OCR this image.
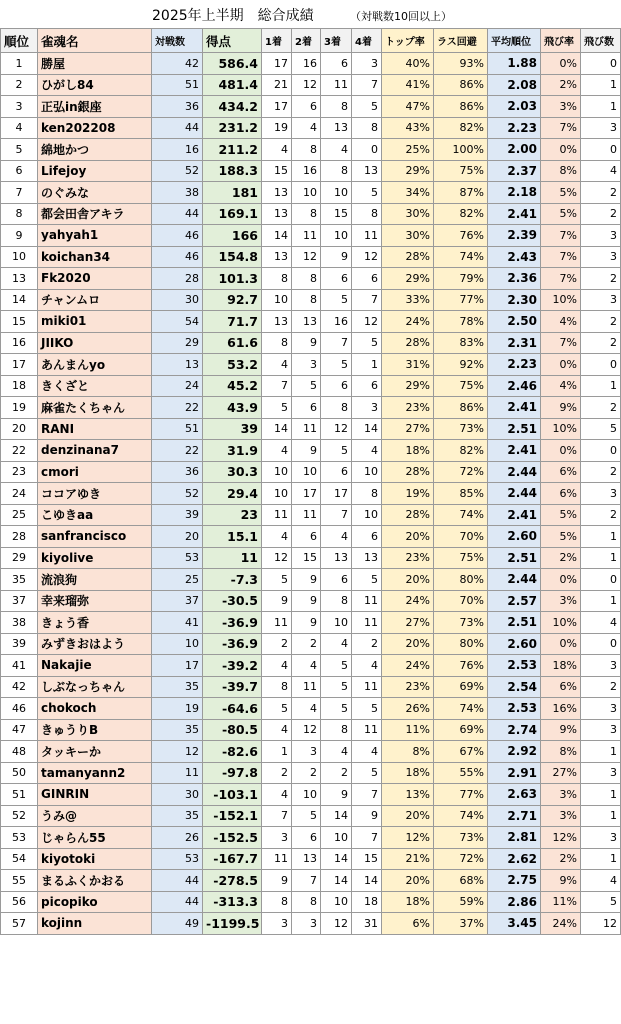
2025年上半期　総合成績	（対戦数10回以上）
順位	雀魂名	対戦数	得点	1着	2着	3着	4着	トップ率	ラス回避	平均順位	飛び率	飛び数
1	勝屋	42	586.4	17	16	6	3	40%	93%	1.88	0%	0
2	ひがし84	51	481.4	21	12	11	7	41%	86%	2.08	2%	1
3	正弘in銀座	36	434.2	17	6	8	5	47%	86%	2.03	3%	1
4	ken202208	44	231.2	19	4	13	8	43%	82%	2.23	7%	3
5	綿地かつ	16	211.2	4	8	4	0	25%	100%	2.00	0%	0
6	Lifejoy	52	188.3	15	16	8	13	29%	75%	2.37	8%	4
7	のぐみな	38	181	13	10	10	5	34%	87%	2.18	5%	2
8	都会田舎アキラ	44	169.1	13	8	15	8	30%	82%	2.41	5%	2
9	yahyah1	46	166	14	11	10	11	30%	76%	2.39	7%	3
10	koichan34	46	154.8	13	12	9	12	28%	74%	2.43	7%	3
13	Fk2020	28	101.3	8	8	6	6	29%	79%	2.36	7%	2
14	チャンムロ	30	92.7	10	8	5	7	33%	77%	2.30	10%	3
15	miki01	54	71.7	13	13	16	12	24%	78%	2.50	4%	2
16	JIIKO	29	61.6	8	9	7	5	28%	83%	2.31	7%	2
17	あんまんyo	13	53.2	4	3	5	1	31%	92%	2.23	0%	0
18	きくざと	24	45.2	7	5	6	6	29%	75%	2.46	4%	1
19	麻雀たくちゃん	22	43.9	5	6	8	3	23%	86%	2.41	9%	2
20	RANI	51	39	14	11	12	14	27%	73%	2.51	10%	5
22	denzinana7	22	31.9	4	9	5	4	18%	82%	2.41	0%	0
23	cmori	36	30.3	10	10	6	10	28%	72%	2.44	6%	2
24	ココアゆき	52	29.4	10	17	17	8	19%	85%	2.44	6%	3
25	こゆきaa	39	23	11	11	7	10	28%	74%	2.41	5%	2
28	sanfrancisco	20	15.1	4	6	4	6	20%	70%	2.60	5%	1
29	kiyolive	53	11	12	15	13	13	23%	75%	2.51	2%	1
35	流浪狗	25	-7.3	5	9	6	5	20%	80%	2.44	0%	0
37	幸来瑠弥	37	-30.5	9	9	8	11	24%	70%	2.57	3%	1
38	きょう香	41	-36.9	11	9	10	11	27%	73%	2.51	10%	4
39	みずきおはよう	10	-36.9	2	2	4	2	20%	80%	2.60	0%	0
41	Nakajie	17	-39.2	4	4	5	4	24%	76%	2.53	18%	3
42	しぶなっちゃん	35	-39.7	8	11	5	11	23%	69%	2.54	6%	2
46	chokoch	19	-64.6	5	4	5	5	26%	74%	2.53	16%	3
47	きゅうりB	35	-80.5	4	12	8	11	11%	69%	2.74	9%	3
48	タッキーか	12	-82.6	1	3	4	4	8%	67%	2.92	8%	1
50	tamanyann2	11	-97.8	2	2	2	5	18%	55%	2.91	27%	3
51	GINRIN	30	-103.1	4	10	9	7	13%	77%	2.63	3%	1
52	うみ@	35	-152.1	7	5	14	9	20%	74%	2.71	3%	1
53	じゃらん55	26	-152.5	3	6	10	7	12%	73%	2.81	12%	3
54	kiyotoki	53	-167.7	11	13	14	15	21%	72%	2.62	2%	1
55	まるふくかおる	44	-278.5	9	7	14	14	20%	68%	2.75	9%	4
56	picopiko	44	-313.3	8	8	10	18	18%	59%	2.86	11%	5
57	kojinn	49	-1199.5	3	3	12	31	6%	37%	3.45	24%	12
